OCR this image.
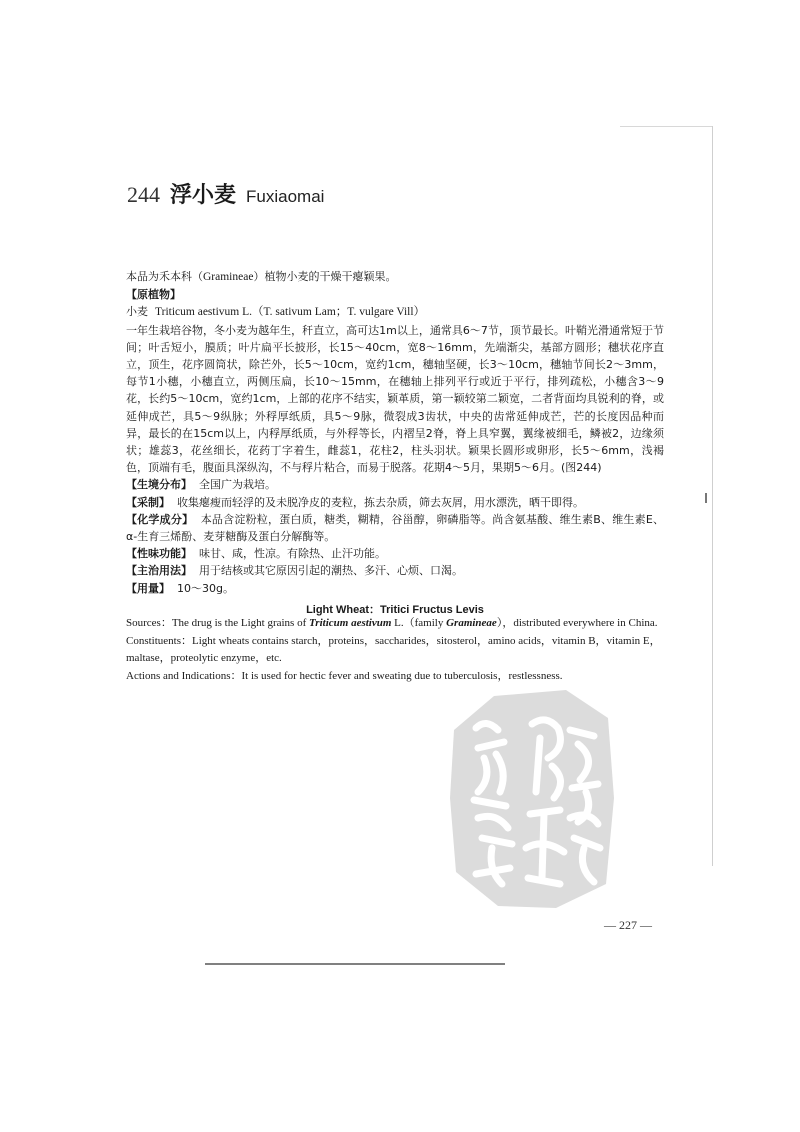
244 浮小麦 Fuxiaomai

本品为禾本科（Gramineae）植物小麦的干燥干瘪颖果。

【原植物】

小麦 Triticum aestivum L.（T. sativum Lam；T. vulgare Vill）

一年生栽培谷物，冬小麦为越年生，秆直立，高可达1m以上，通常具6～7节，顶节最长。叶鞘光滑通常短于节间；叶舌短小，膜质；叶片扁平长披形，长15～40cm，宽8～16mm，先端渐尖，基部方圆形；穗状花序直立，顶生，花序圆筒状，除芒外，长5～10cm，宽约1cm，穗轴坚硬，长3～10cm，穗轴节间长2～3mm，每节1小穗，小穗直立，两侧压扁，长10～15mm，在穗轴上排列平行或近于平行，排列疏松，小穗含3～9花，长约5～10cm，宽约1cm，上部的花序不结实，颖革质，第一颖较第二颖宽，二者背面均具锐利的脊，或延伸成芒，具5～9纵脉；外稃厚纸质，具5～9脉，微裂成3齿状，中央的齿常延伸成芒，芒的长度因品种而异，最长的在15cm以上，内稃厚纸质，与外稃等长，内褶呈2脊，脊上具窄翼，翼缘被细毛，鳞被2，边缘须状；雄蕊3，花丝细长，花药丁字着生，雌蕊1，花柱2，柱头羽状。颖果长圆形或卵形，长5～6mm，浅褐色，顶端有毛，腹面具深纵沟，不与稃片粘合，而易于脱落。花期4～5月，果期5～6月。(图244)

【生境分布】 全国广为栽培。

【采制】 收集瘪瘦而轻浮的及未脱净皮的麦粒，拣去杂质，筛去灰屑，用水漂洗，晒干即得。

【化学成分】 本品含淀粉粒，蛋白质，糖类，糊精，谷甾醇，卵磷脂等。尚含氨基酸、维生素B、维生素E、α-生育三烯酚、麦芽糖酶及蛋白分解酶等。

【性味功能】 味甘、咸，性凉。有除热、止汗功能。

【主治用法】 用于结核或其它原因引起的潮热、多汗、心烦、口渴。

【用量】 10～30g。

Light Wheat：Tritici Fructus Levis

Sources：The drug is the Light grains of Triticum aestivum L.（family Gramineae），distributed everywhere in China.

Constituents：Light wheats contains starch，proteins，saccharides，sitosterol，amino acids，vitamin B，vitamin E，maltase，proteolytic enzyme，etc.

Actions and Indications：It is used for hectic fever and sweating due to tuberculosis，restlessness.

— 227 —
